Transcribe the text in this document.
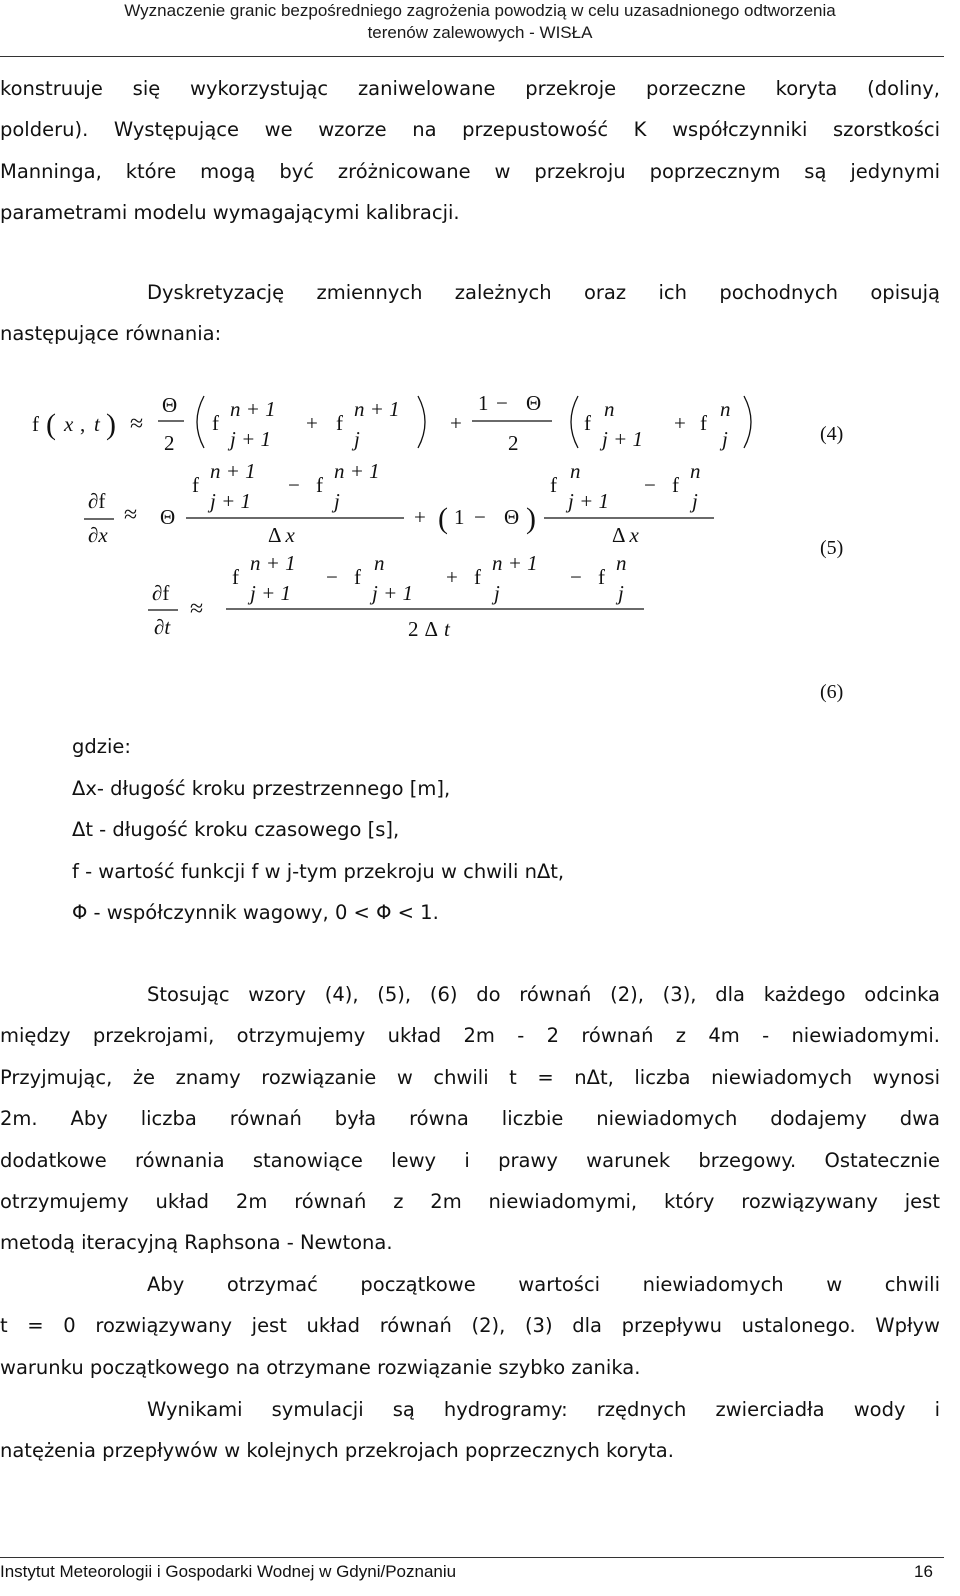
Wyznaczenie granic bezpośredniego zagrożenia powodzią w celu uzasadnionego odtworzenia
terenów zalewowych - WISŁA
konstruuje się wykorzystując zaniwelowane przekroje porzeczne koryta (doliny,
polderu). Występujące we wzorze na przepustowość K współczynniki szorstkości
Manninga, które mogą być zróżnicowane w przekroju poprzecznym są jedynymi
parametrami modelu wymagającymi kalibracji.
Dyskretyzację zmiennych zależnych oraz ich pochodnych opisują
następujące równania:
f ( x , t ) ≈
Θ
2
f
n + 1
j + 1
+ f
n + 1
j
+
1 − Θ
2
f
n
j + 1
+ f
n
j	(4)
∂f
∂x
≈ Θ
f
n + 1
j + 1
− f
n + 1
j
Δ x
+ ( 1 − Θ )
f
n
j + 1
− f
n
j
Δ x
(5)
∂f
∂t
≈
f
n + 1
j + 1
− f
n
j + 1
+ f
n + 1
j
− f
n
j
2 Δ t
(6)
gdzie:
Δx- długość kroku przestrzennego [m],
Δt - długość kroku czasowego [s],
f - wartość funkcji f w j-tym przekroju w chwili nΔt,
Φ - współczynnik wagowy, 0 < Φ < 1.
Stosując wzory (4), (5), (6) do równań (2), (3), dla każdego odcinka
między przekrojami, otrzymujemy układ 2m - 2 równań z 4m - niewiadomymi.
Przyjmując, że znamy rozwiązanie w chwili t = nΔt, liczba niewiadomych wynosi
2m. Aby liczba równań była równa liczbie niewiadomych dodajemy dwa
dodatkowe równania stanowiące lewy i prawy warunek brzegowy. Ostatecznie
otrzymujemy układ 2m równań z 2m niewiadomymi, który rozwiązywany jest
metodą iteracyjną Raphsona - Newtona.
Aby otrzymać początkowe wartości niewiadomych w chwili
t = 0 rozwiązywany jest układ równań (2), (3) dla przepływu ustalonego. Wpływ
warunku początkowego na otrzymane rozwiązanie szybko zanika.
Wynikami symulacji są hydrogramy: rzędnych zwierciadła wody i
natężenia przepływów w kolejnych przekrojach poprzecznych koryta.
Instytut Meteorologii i Gospodarki Wodnej w Gdyni/Poznaniu	16
